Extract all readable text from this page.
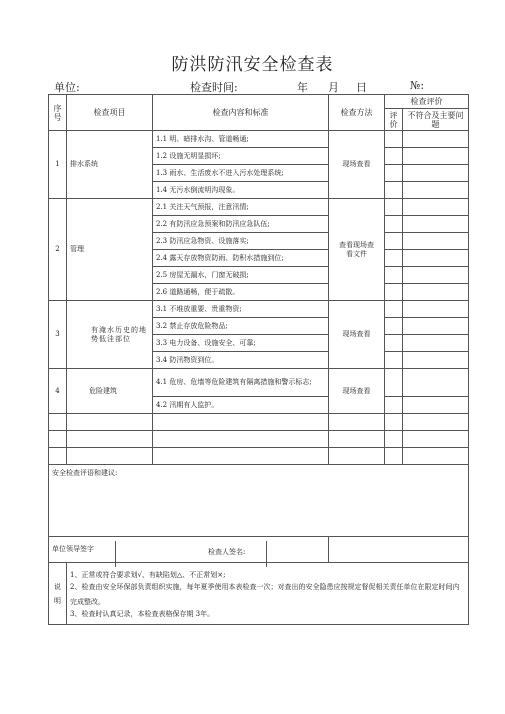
防洪防汛安全检查表
单位:	检查时间:	年 月 日	№:
序号	检查项目	检查内容和标准	检查方法	检查评价	
				评价	不符合及主要问题
1	排水系统	1.1 明、暗排水沟、管道畅通;	现场查看		
		1.2 设施无明显损坏;			
		1.3 雨水、生活废水不进入污水处理系统;			
		1.4 无污水倒流明沟现象。			
2	管理	2.1 关注天气预报，注意汛情;	查看现场查看文件		
		2.2 有防汛应急预案和防汛应急队伍;			
		2.3 防汛应急物资、设施落实;			
		2.4 露天存放物资防雨、防积水措施到位;			
		2.5 房屋无漏水，门窗无破损;			
		2.6 道路通畅，便于疏散。			
3	有淹水历史的地势低洼部位	3.1 不堆放重要、贵重物资;	现场查看		
		3.2 禁止存放危险物品;			
		3.3 电力设备、设施安全、可靠;			
		3.4 防汛物资到位。			
4	危险建筑	4.1 危房、危墙等危险建筑有隔离措施和警示标志;	现场查看		
		4.2 汛期有人监护。			

安全检查评语和建议:					
单位领导签字					
说明	1、正常或符合要求划√、有缺陷划△、不正常划×;
2、检查由安全环保部负责组织实施，每年夏季使用本表检查一次；对查出的安全隐患应按规定督促相关责任单位在限定时间内完成整改。
3、检查时认真记录，本检查表格保存期 3年。				
检查人签名:
